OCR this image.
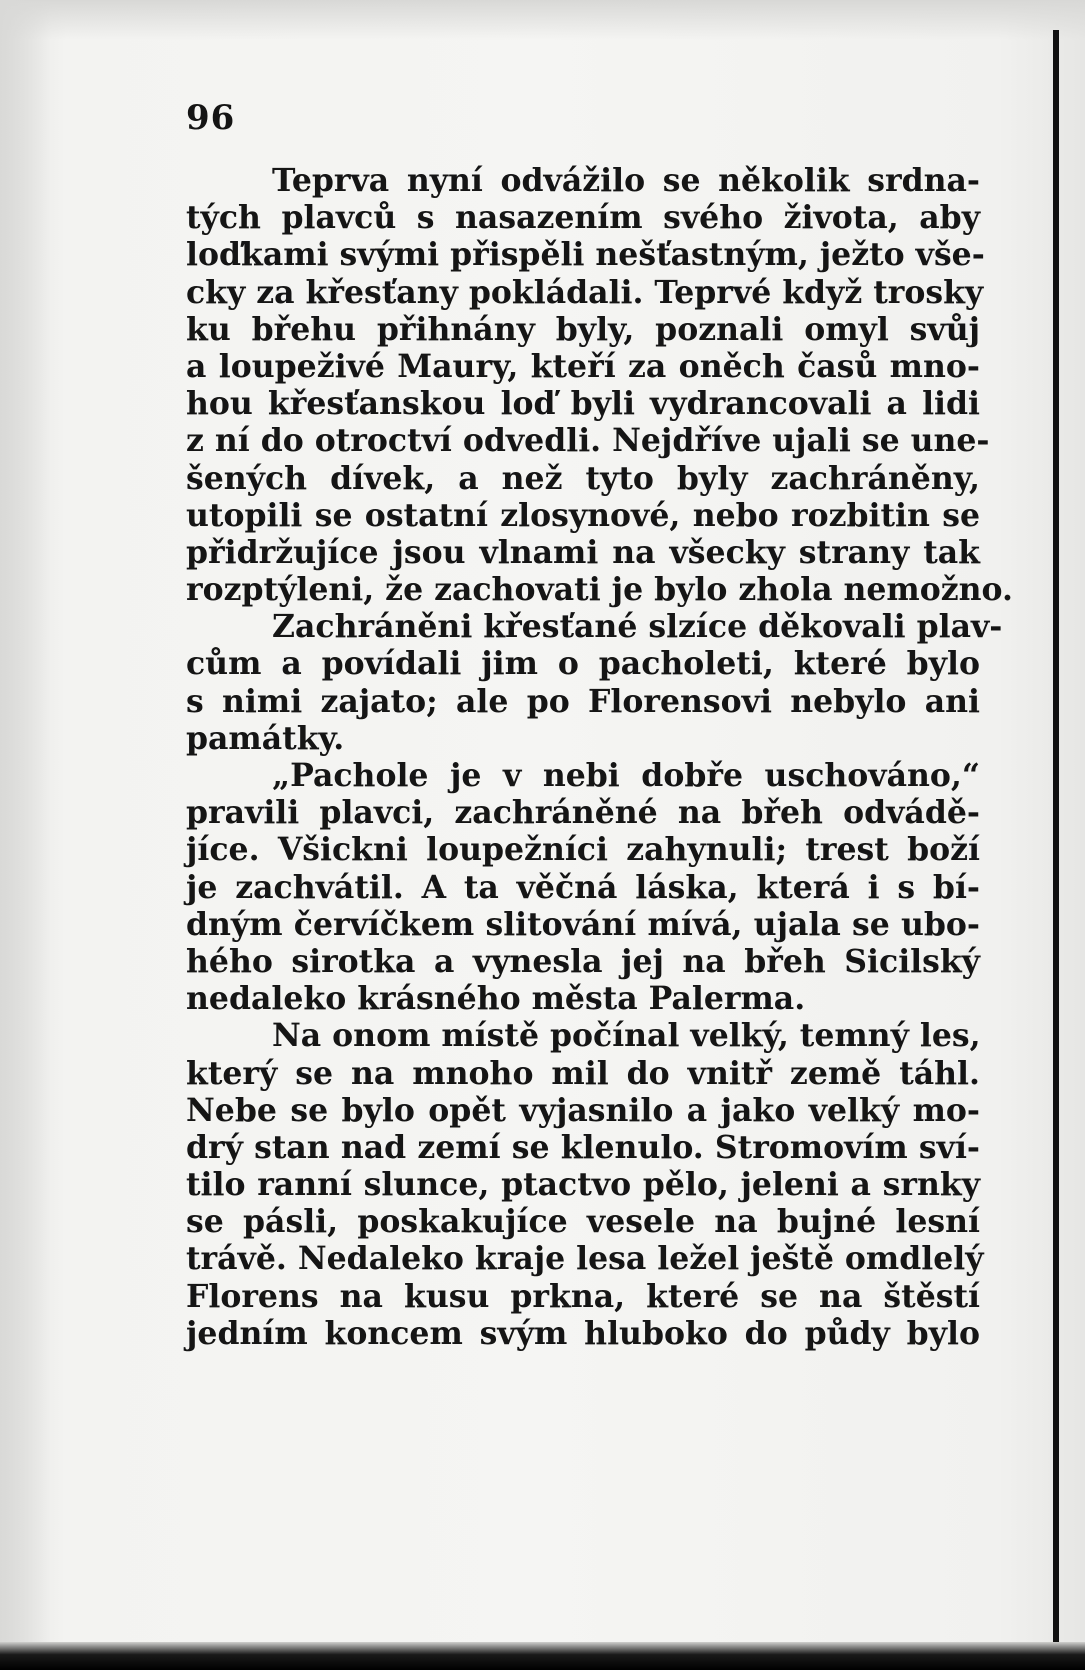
96
Teprva nyní odvážilo se několik srdna-
tých plavců s nasazením svého života, aby
loďkami svými přispěli nešťastným, ježto vše-
cky za křesťany pokládali. Teprvé když trosky
ku břehu přihnány byly, poznali omyl svůj
a loupeživé Maury, kteří za oněch časů mno-
hou křesťanskou loď byli vydrancovali a lidi
z ní do otroctví odvedli. Nejdříve ujali se une-
šených dívek, a než tyto byly zachráněny,
utopili se ostatní zlosynové, nebo rozbitin se
přidržujíce jsou vlnami na všecky strany tak
rozptýleni, že zachovati je bylo zhola nemožno.
Zachráněni křesťané slzíce děkovali plav-
cům a povídali jim o pacholeti, které bylo
s nimi zajato; ale po Florensovi nebylo ani
památky.
„Pachole je v nebi dobře uschováno,“
pravili plavci, zachráněné na břeh odvádě-
jíce. Všickni loupežníci zahynuli; trest boží
je zachvátil. A ta věčná láska, která i s bí-
dným červíčkem slitování mívá, ujala se ubo-
hého sirotka a vynesla jej na břeh Sicilský
nedaleko krásného města Palerma.
Na onom místě počínal velký, temný les,
který se na mnoho mil do vnitř země táhl.
Nebe se bylo opět vyjasnilo a jako velký mo-
drý stan nad zemí se klenulo. Stromovím sví-
tilo ranní slunce, ptactvo pělo, jeleni a srnky
se pásli, poskakujíce vesele na bujné lesní
trávě. Nedaleko kraje lesa ležel ještě omdlelý
Florens na kusu prkna, které se na štěstí
jedním koncem svým hluboko do půdy bylo
